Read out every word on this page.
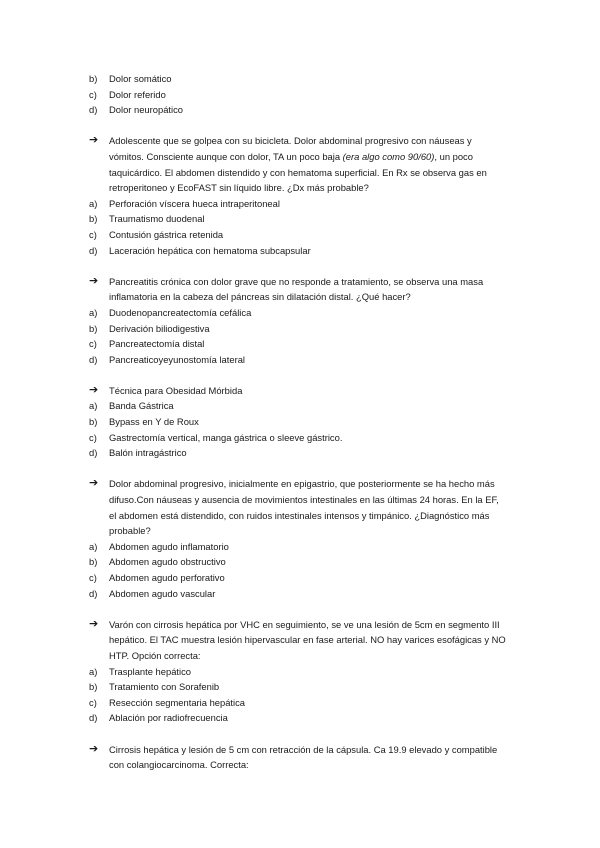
b)	Dolor somático
c)	Dolor referido
d)	Dolor neuropático
➔	Adolescente que se golpea con su bicicleta. Dolor abdominal progresivo con náuseas y
vómitos. Consciente aunque con dolor, TA un poco baja (era algo como 90/60), un poco
taquicárdico. El abdomen distendido y con hematoma superficial. En Rx se observa gas en
retroperitoneo y EcoFAST sin líquido libre. ¿Dx más probable?
a)	Perforación víscera hueca intraperitoneal
b)	Traumatismo duodenal
c)	Contusión gástrica retenida
d)	Laceración hepática con hematoma subcapsular
➔	Pancreatitis crónica con dolor grave que no responde a tratamiento, se observa una masa
inflamatoria en la cabeza del páncreas sin dilatación distal. ¿Qué hacer?
a)	Duodenopancreatectomía cefálica
b)	Derivación biliodigestiva
c)	Pancreatectomía distal
d)	Pancreaticoyeyunostomía lateral
➔	Técnica para Obesidad Mórbida
a)	Banda Gástrica
b)	Bypass en Y de Roux
c)	Gastrectomía vertical, manga gástrica o sleeve gástrico.
d)	Balón intragástrico
➔	Dolor abdominal progresivo, inicialmente en epigastrio, que posteriormente se ha hecho más
difuso.Con náuseas y ausencia de movimientos intestinales en las últimas 24 horas. En la EF,
el abdomen está distendido, con ruidos intestinales intensos y timpánico. ¿Diagnóstico más
probable?
a)	Abdomen agudo inflamatorio
b)	Abdomen agudo obstructivo
c)	Abdomen agudo perforativo
d)	Abdomen agudo vascular
➔	Varón con cirrosis hepática por VHC en seguimiento, se ve una lesión de 5cm en segmento III
hepático. El TAC muestra lesión hipervascular en fase arterial. NO hay varices esofágicas y NO
HTP. Opción correcta:
a)	Trasplante hepático
b)	Tratamiento con Sorafenib
c)	Resección segmentaria hepática
d)	Ablación por radiofrecuencia
➔	Cirrosis hepática y lesión de 5 cm con retracción de la cápsula. Ca 19.9 elevado y compatible
con colangiocarcinoma. Correcta:
